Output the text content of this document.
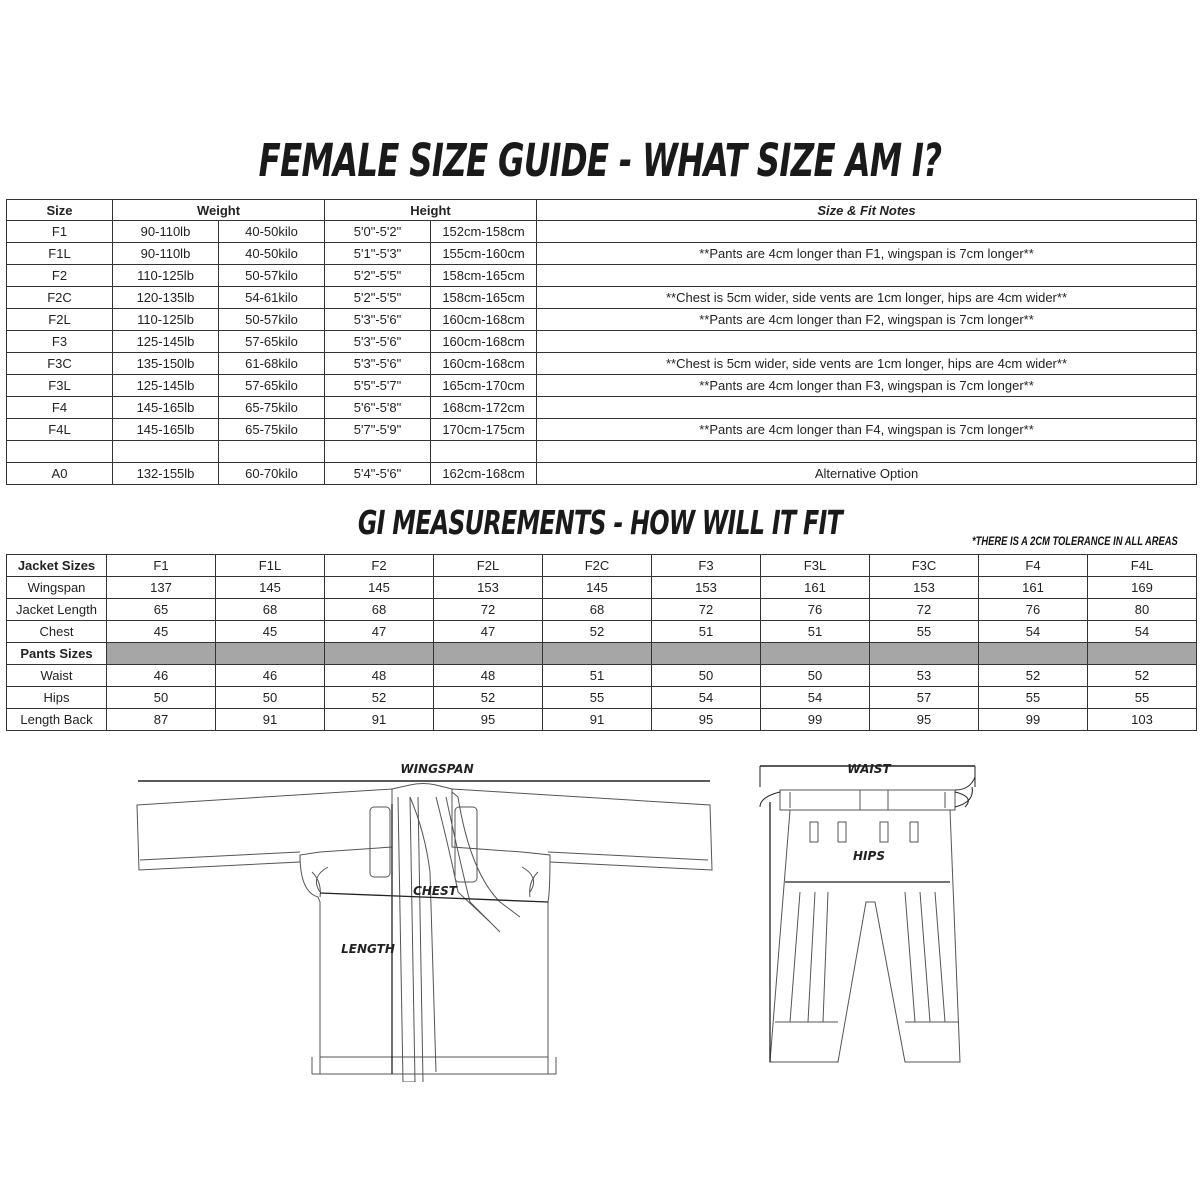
FEMALE SIZE GUIDE - WHAT SIZE AM I?
Size	Weight		Height		Size & Fit Notes
F1	90-110lb	40-50kilo	5'0"-5'2"	152cm-158cm	
F1L	90-110lb	40-50kilo	5'1"-5'3"	155cm-160cm	**Pants are 4cm longer than F1, wingspan is 7cm longer**
F2	110-125lb	50-57kilo	5'2"-5'5"	158cm-165cm	
F2C	120-135lb	54-61kilo	5'2"-5'5"	158cm-165cm	**Chest is 5cm wider, side vents are 1cm longer, hips are 4cm wider**
F2L	110-125lb	50-57kilo	5'3"-5'6"	160cm-168cm	**Pants are 4cm longer than F2, wingspan is 7cm longer**
F3	125-145lb	57-65kilo	5'3"-5'6"	160cm-168cm	
F3C	135-150lb	61-68kilo	5'3"-5'6"	160cm-168cm	**Chest is 5cm wider, side vents are 1cm longer, hips are 4cm wider**
F3L	125-145lb	57-65kilo	5'5"-5'7"	165cm-170cm	**Pants are 4cm longer than F3, wingspan is 7cm longer**
F4	145-165lb	65-75kilo	5'6"-5'8"	168cm-172cm	
F4L	145-165lb	65-75kilo	5'7"-5'9"	170cm-175cm	**Pants are 4cm longer than F4, wingspan is 7cm longer**

A0	132-155lb	60-70kilo	5'4"-5'6"	162cm-168cm	Alternative Option
GI MEASUREMENTS - HOW WILL IT FIT	*THERE IS A 2CM TOLERANCE IN ALL AREAS
Jacket Sizes	F1	F1L	F2	F2L	F2C	F3	F3L	F3C	F4	F4L
Wingspan	137	145	145	153	145	153	161	153	161	169
Jacket Length	65	68	68	72	68	72	76	72	76	80
Chest	45	45	47	47	52	51	51	55	54	54
Pants Sizes										
Waist	46	46	48	48	51	50	50	53	52	52
Hips	50	50	52	52	55	54	54	57	55	55
Length Back	87	91	91	95	91	95	99	95	99	103
WINGSPAN
CHEST
LENGTH
WAIST
HIPS
